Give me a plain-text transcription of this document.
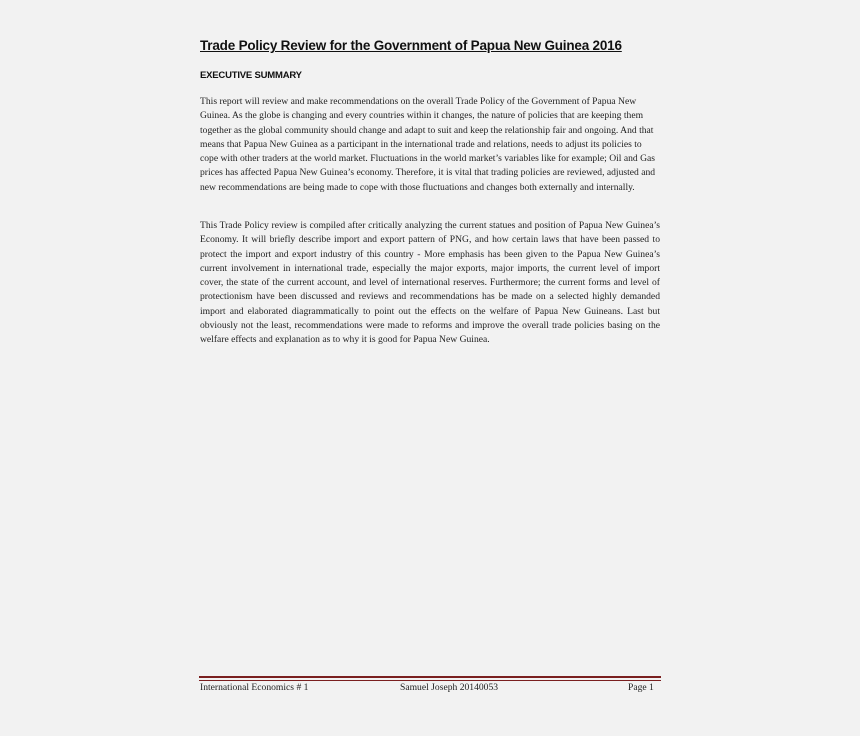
Trade Policy Review for the Government of Papua New Guinea 2016
EXECUTIVE SUMMARY
This report will review and make recommendations on the overall Trade Policy of the Government of Papua New Guinea. As the globe is changing and every countries within it changes, the nature of policies that are keeping them together as the global community should change and adapt to suit and keep the relationship fair and ongoing. And that means that Papua New Guinea as a participant in the international trade and relations, needs to adjust its policies to cope with other traders at the world market. Fluctuations in the world market’s variables like for example; Oil and Gas prices has affected Papua New Guinea’s economy. Therefore, it is vital that trading policies are reviewed, adjusted and new recommendations are being made to cope with those fluctuations and changes both externally and internally.
This Trade Policy review is compiled after critically analyzing the current statues and position of Papua New Guinea’s Economy. It will briefly describe import and export pattern of PNG, and how certain laws that have been passed to protect the import and export industry of this country - More emphasis has been given to the Papua New Guinea’s current involvement in international trade, especially the major exports, major imports, the current level of import cover, the state of the current account, and level of international reserves. Furthermore; the current forms and level of protectionism have been discussed and reviews and recommendations has be made on a selected highly demanded import and elaborated diagrammatically to point out the effects on the welfare of Papua New Guineans. Last but obviously not the least, recommendations were made to reforms and improve the overall trade policies basing on the welfare effects and explanation as to why it is good for Papua New Guinea.
International Economics # 1	Samuel Joseph 20140053	Page 1
